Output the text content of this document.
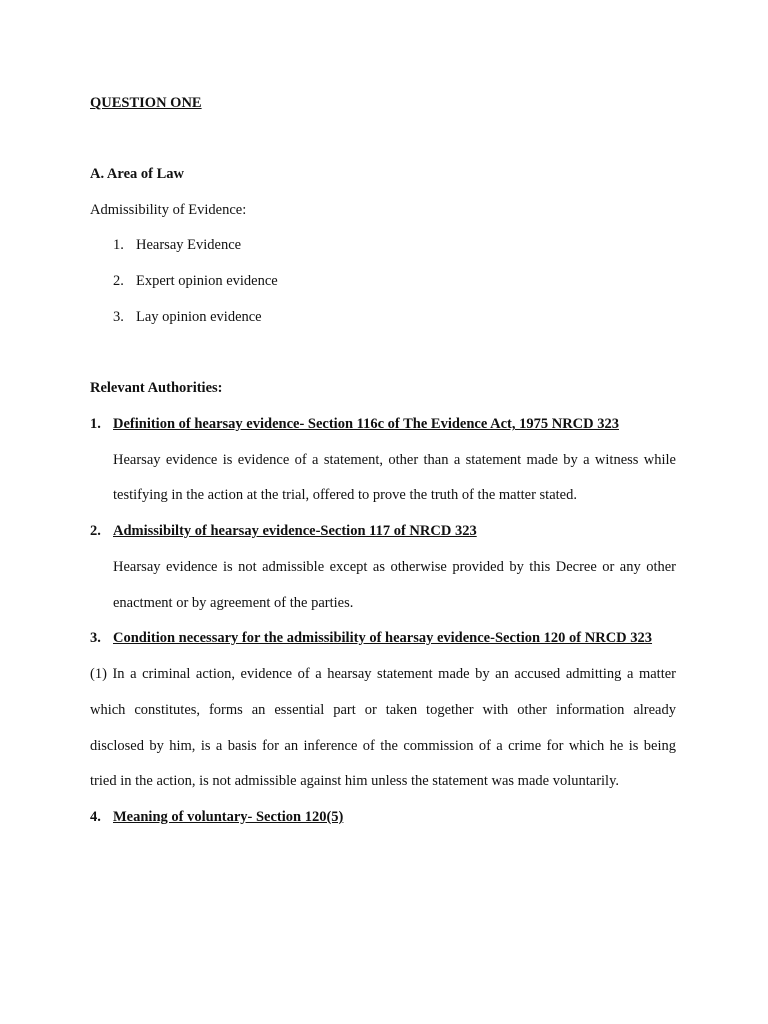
QUESTION ONE
A. Area of Law
Admissibility of Evidence:
1. Hearsay Evidence
2. Expert opinion evidence
3. Lay opinion evidence
Relevant Authorities:
1. Definition of hearsay evidence- Section 116c of The Evidence Act, 1975 NRCD 323
Hearsay evidence is evidence of a statement, other than a statement made by a witness while
testifying in the action at the trial, offered to prove the truth of the matter stated.
2. Admissibilty of hearsay evidence-Section 117 of NRCD 323
Hearsay evidence is not admissible except as otherwise provided by this Decree or any other
enactment or by agreement of the parties.
3. Condition necessary for the admissibility of hearsay evidence-Section 120 of NRCD 323
(1) In a criminal action, evidence of a hearsay statement made by an accused admitting a matter
which constitutes, forms an essential part or taken together with other information already
disclosed by him, is a basis for an inference of the commission of a crime for which he is being
tried in the action, is not admissible against him unless the statement was made voluntarily.
4. Meaning of voluntary- Section 120(5)
